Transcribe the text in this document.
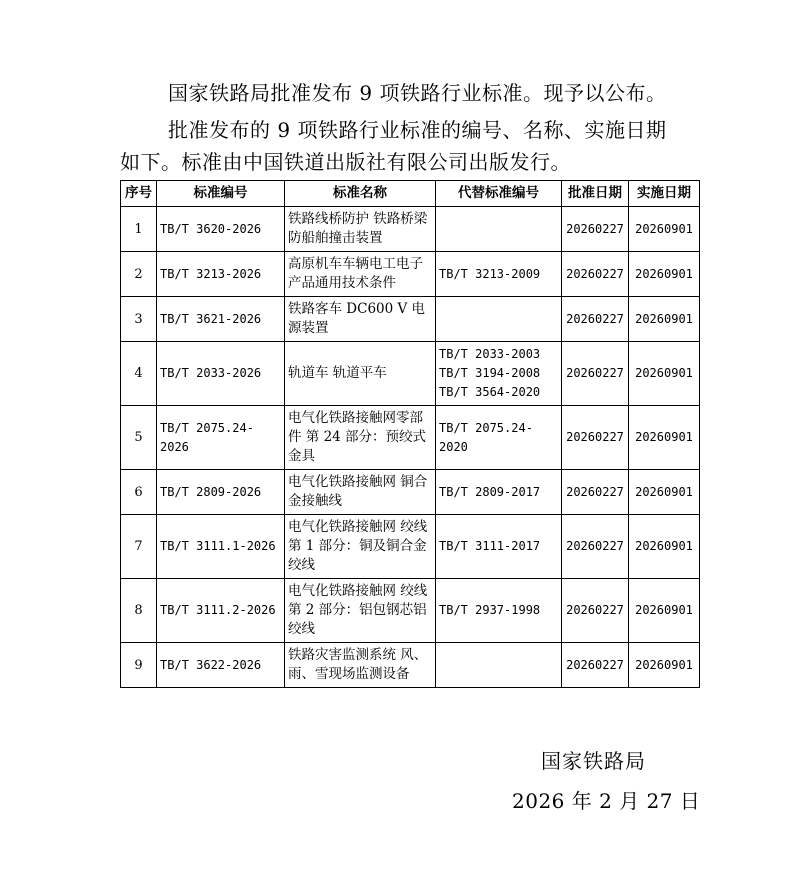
国家铁路局批准发布 9 项铁路行业标准。现予以公布。

批准发布的 9 项铁路行业标准的编号、名称、实施日期如下。标准由中国铁道出版社有限公司出版发行。

序号	标准编号	标准名称	代替标准编号	批准日期	实施日期
1	TB/T 3620-2026	铁路线桥防护 铁路桥梁防船舶撞击装置		20260227	20260901
2	TB/T 3213-2026	高原机车车辆电工电子产品通用技术条件	TB/T 3213-2009	20260227	20260901
3	TB/T 3621-2026	铁路客车 DC600 V 电源装置		20260227	20260901
4	TB/T 2033-2026	轨道车 轨道平车	TB/T 2033-2003
TB/T 3194-2008
TB/T 3564-2020	20260227	20260901
5	TB/T 2075.24-2026	电气化铁路接触网零部件 第 24 部分：预绞式金具	TB/T 2075.24-2020	20260227	20260901
6	TB/T 2809-2026	电气化铁路接触网 铜合金接触线	TB/T 2809-2017	20260227	20260901
7	TB/T 3111.1-2026	电气化铁路接触网 绞线 第 1 部分：铜及铜合金绞线	TB/T 3111-2017	20260227	20260901
8	TB/T 3111.2-2026	电气化铁路接触网 绞线 第 2 部分：铝包钢芯铝绞线	TB/T 2937-1998	20260227	20260901
9	TB/T 3622-2026	铁路灾害监测系统 风、雨、雪现场监测设备		20260227	20260901

国家铁路局

2026 年 2 月 27 日
